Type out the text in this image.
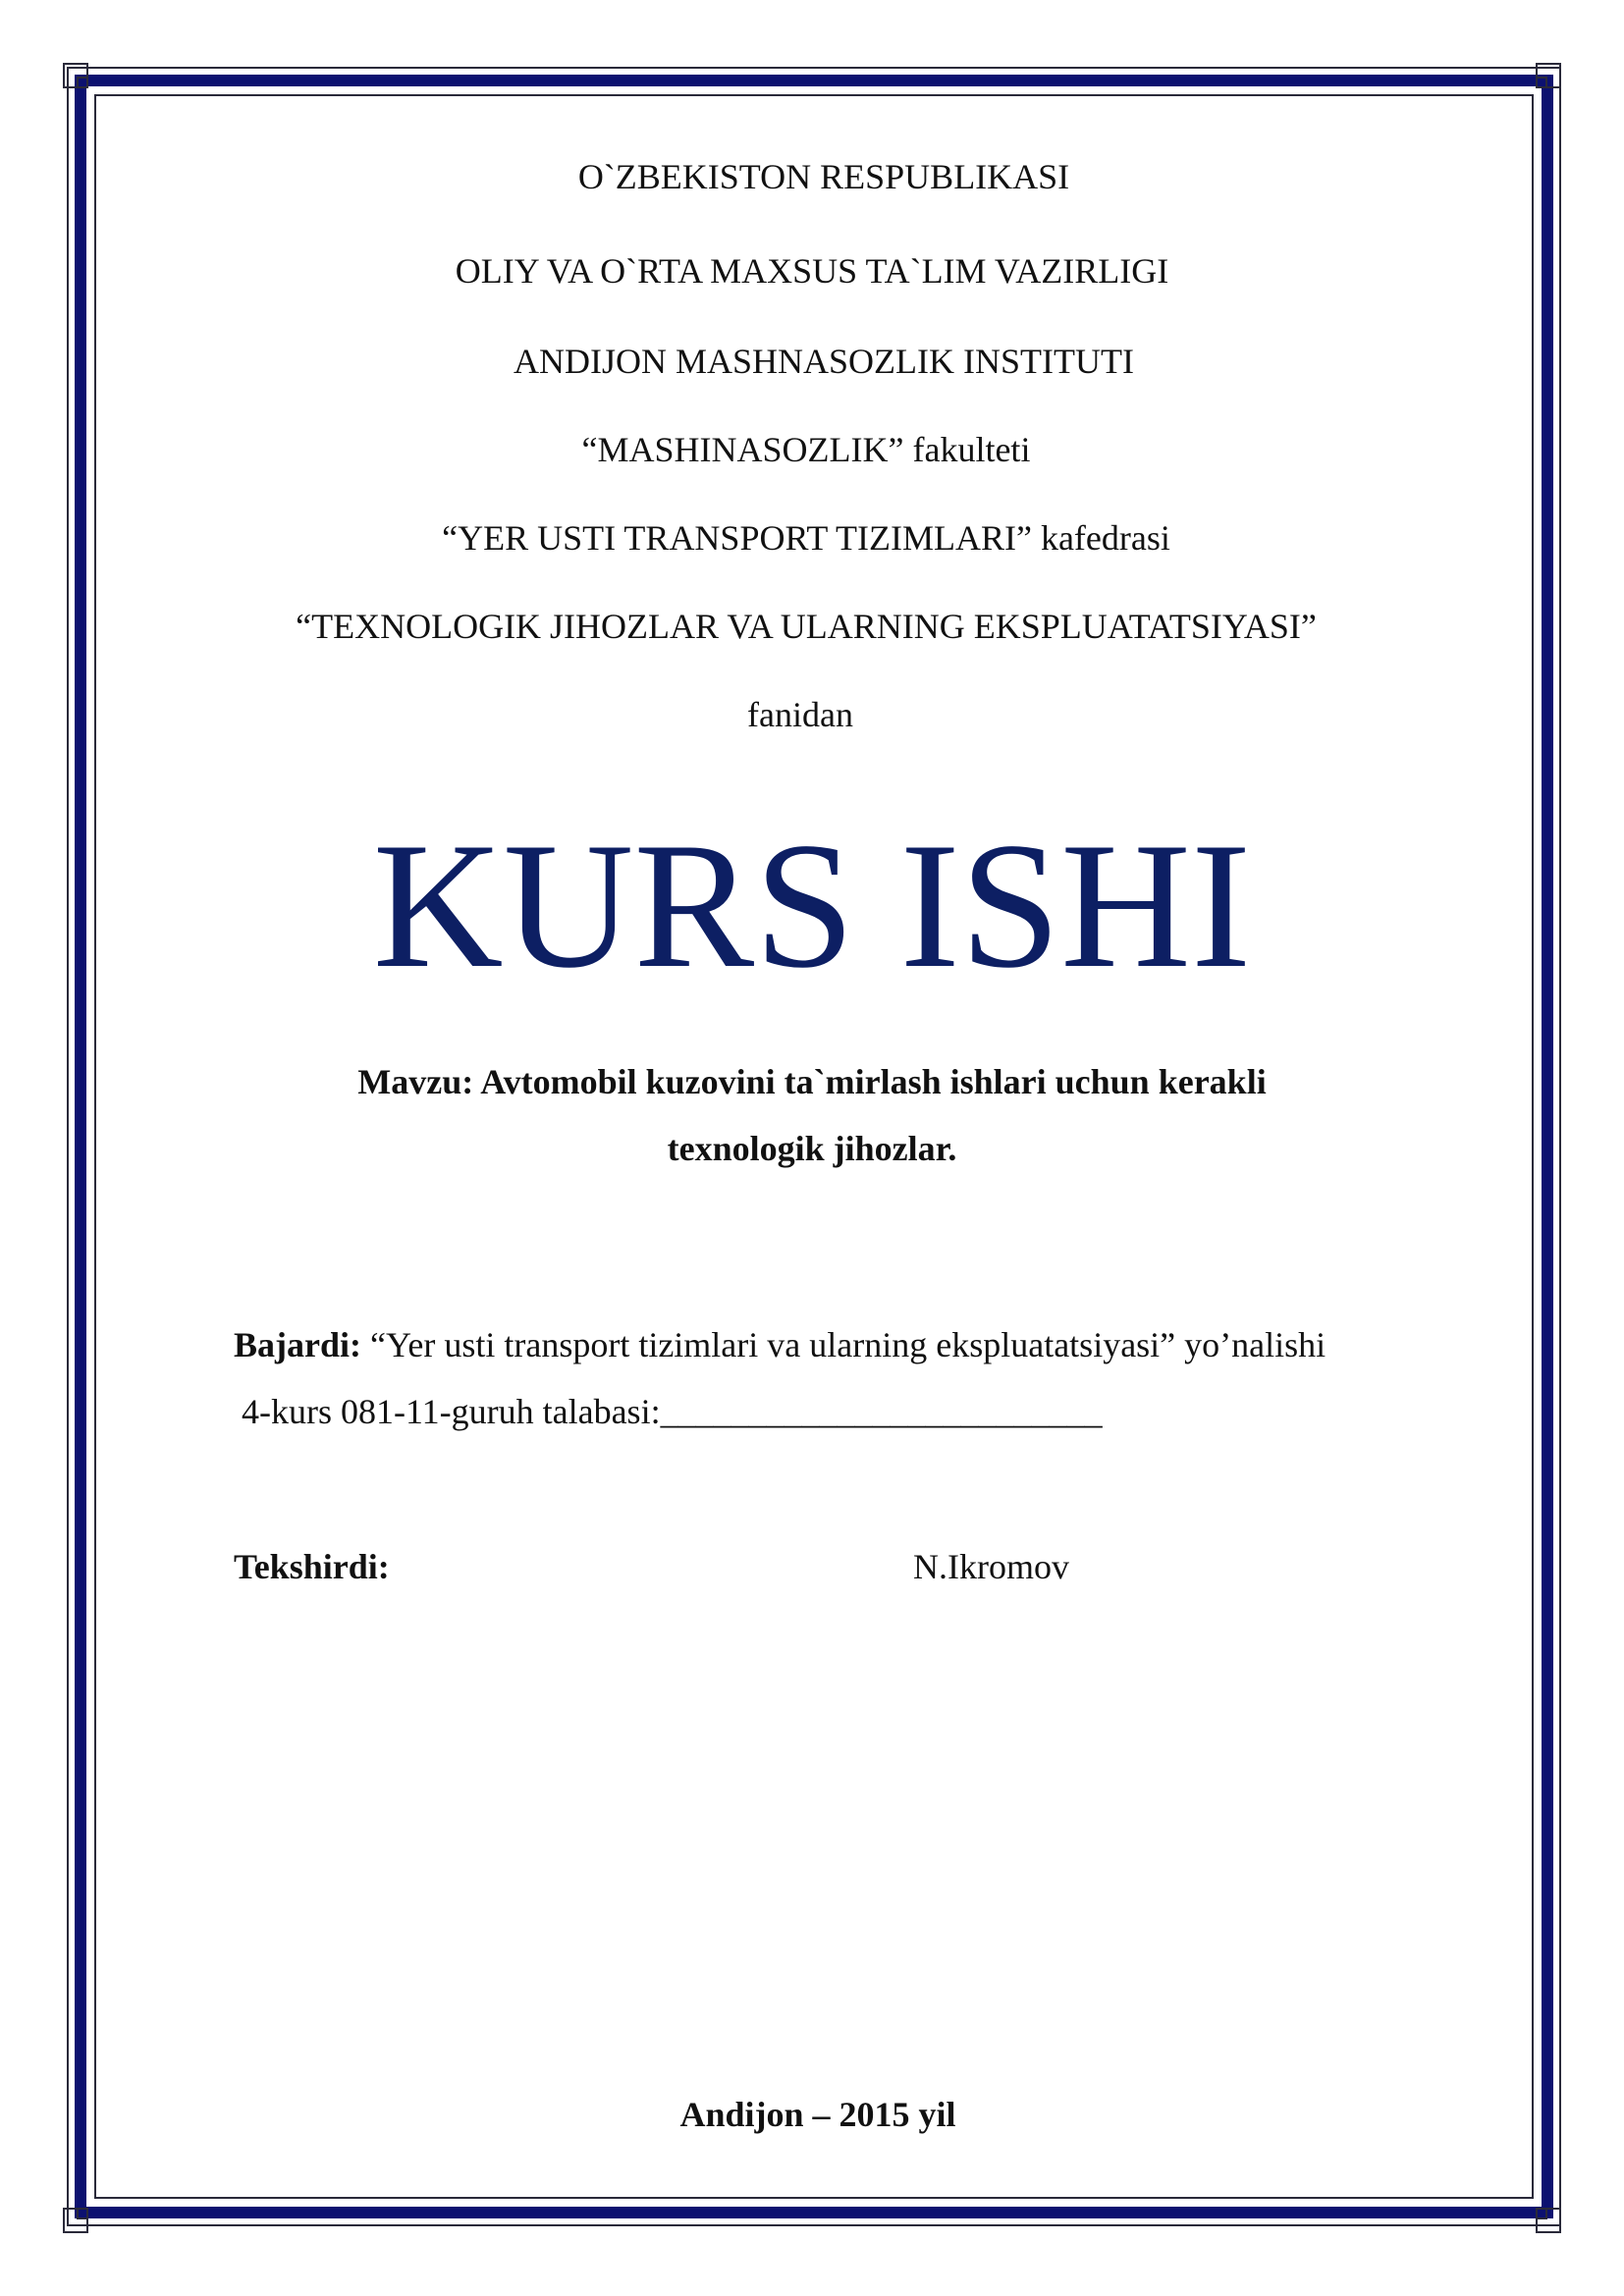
O`ZBEKISTON RESPUBLIKASI
OLIY VA O`RTA MAXSUS TA`LIM VAZIRLIGI
ANDIJON MASHNASOZLIK INSTITUTI
“MASHINASOZLIK” fakulteti
“YER USTI TRANSPORT TIZIMLARI” kafedrasi
“TEXNOLOGIK JIHOZLAR VA ULARNING EKSPLUATATSIYASI”
fanidan
KURS ISHI
Mavzu: Avtomobil kuzovini ta`mirlash ishlari uchun kerakli
texnologik jihozlar.
Bajardi: “Yer usti transport tizimlari va ularning ekspluatatsiyasi” yo’nalishi
4-kurs 081-11-guruh talabasi:_________________________
Tekshirdi:	N.Ikromov
Andijon – 2015 yil
